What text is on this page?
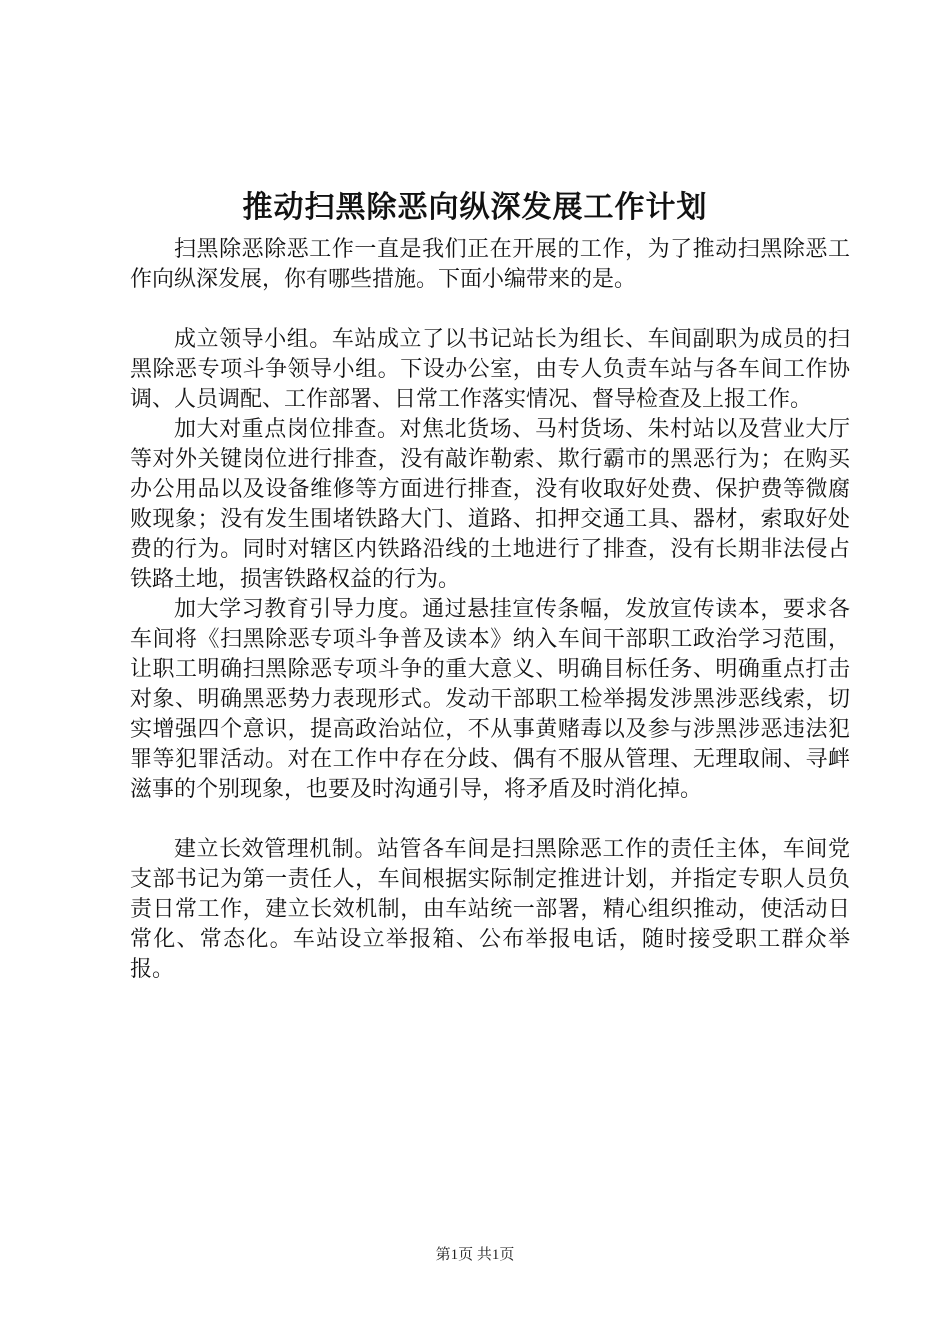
推动扫黑除恶向纵深发展工作计划

扫黑除恶除恶工作一直是我们正在开展的工作，为了推动扫黑除恶工作向纵深发展，你有哪些措施。下面小编带来的是。

成立领导小组。车站成立了以书记站长为组长、车间副职为成员的扫黑除恶专项斗争领导小组。下设办公室，由专人负责车站与各车间工作协调、人员调配、工作部署、日常工作落实情况、督导检查及上报工作。

加大对重点岗位排查。对焦北货场、马村货场、朱村站以及营业大厅等对外关键岗位进行排查，没有敲诈勒索、欺行霸市的黑恶行为；在购买办公用品以及设备维修等方面进行排查，没有收取好处费、保护费等微腐败现象；没有发生围堵铁路大门、道路、扣押交通工具、器材，索取好处费的行为。同时对辖区内铁路沿线的土地进行了排查，没有长期非法侵占铁路土地，损害铁路权益的行为。

加大学习教育引导力度。通过悬挂宣传条幅，发放宣传读本，要求各车间将《扫黑除恶专项斗争普及读本》纳入车间干部职工政治学习范围，让职工明确扫黑除恶专项斗争的重大意义、明确目标任务、明确重点打击对象、明确黑恶势力表现形式。发动干部职工检举揭发涉黑涉恶线索，切实增强四个意识，提高政治站位，不从事黄赌毒以及参与涉黑涉恶违法犯罪等犯罪活动。对在工作中存在分歧、偶有不服从管理、无理取闹、寻衅滋事的个别现象，也要及时沟通引导，将矛盾及时消化掉。

建立长效管理机制。站管各车间是扫黑除恶工作的责任主体，车间党支部书记为第一责任人，车间根据实际制定推进计划，并指定专职人员负责日常工作，建立长效机制，由车站统一部署，精心组织推动，使活动日常化、常态化。车站设立举报箱、公布举报电话，随时接受职工群众举报。

第1页 共1页
